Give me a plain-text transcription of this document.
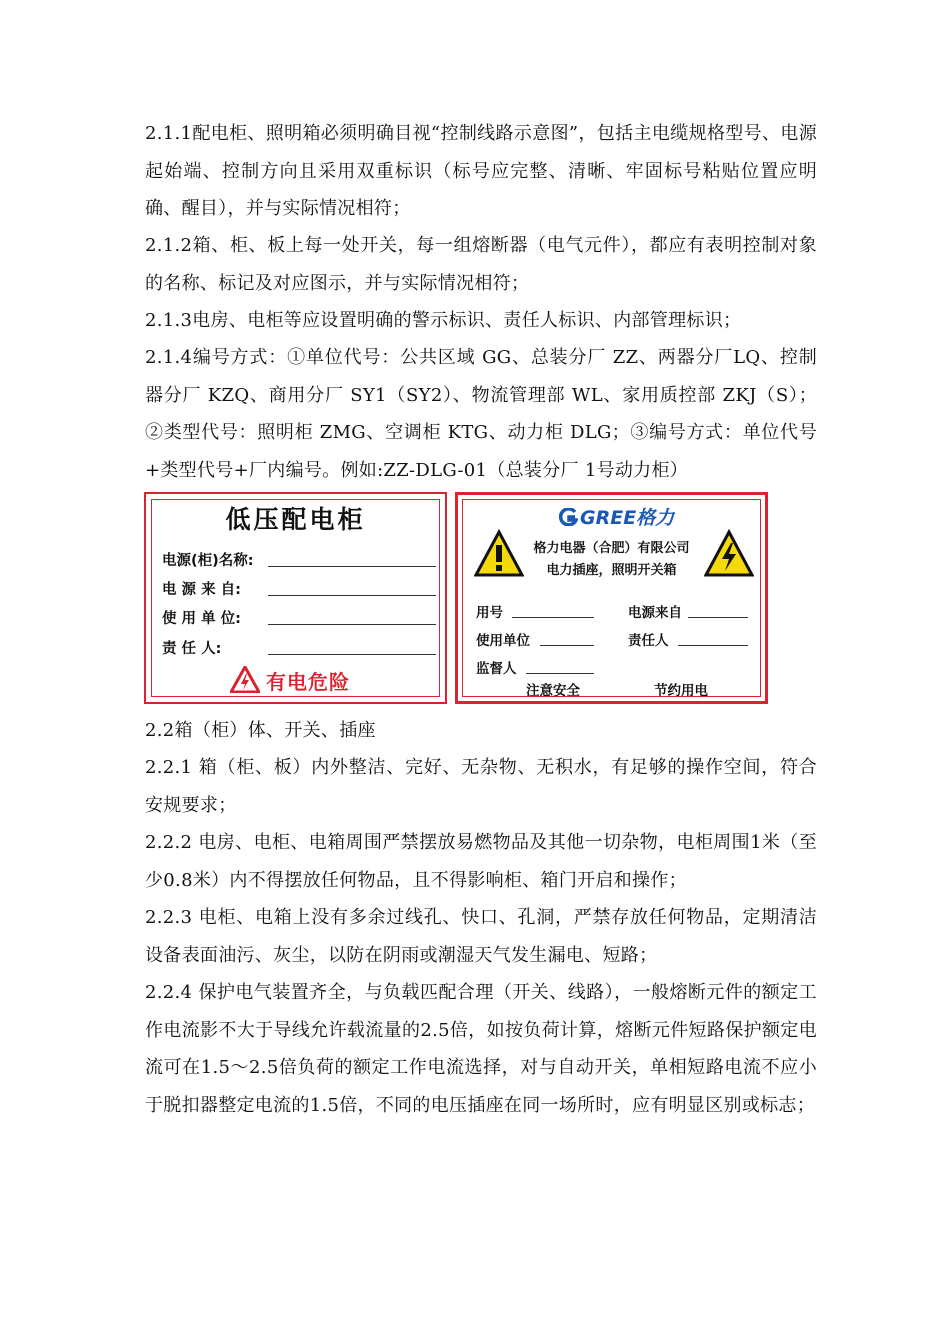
2.1.1配电柜、照明箱必须明确目视“控制线路示意图”，包括主电缆规格型号、电源起始端、控制方向且采用双重标识（标号应完整、清晰、牢固标号粘贴位置应明确、醒目），并与实际情况相符；

2.1.2箱、柜、板上每一处开关，每一组熔断器（电气元件），都应有表明控制对象的名称、标记及对应图示，并与实际情况相符；

2.1.3电房、电柜等应设置明确的警示标识、责任人标识、内部管理标识；

2.1.4编号方式：①单位代号：公共区域 GG、总装分厂 ZZ、两器分厂LQ、控制器分厂 KZQ、商用分厂 SY1（SY2）、物流管理部 WL、家用质控部 ZKJ（S）；②类型代号：照明柜 ZMG、空调柜 KTG、动力柜 DLG；③编号方式：单位代号+类型代号+厂内编号。例如:ZZ-DLG-01（总装分厂 1号动力柜）

低压配电柜
电源(柜)名称:
电 源 来 自:
使 用 单 位:
责 任 人:
有电危险
GREE格力
格力电器（合肥）有限公司
电力插座，照明开关箱
用号	电源来自
使用单位	责任人
监督人
注意安全	节约用电

2.2箱（柜）体、开关、插座

2.2.1 箱（柜、板）内外整洁、完好、无杂物、无积水，有足够的操作空间，符合安规要求；

2.2.2 电房、电柜、电箱周围严禁摆放易燃物品及其他一切杂物，电柜周围1米（至少0.8米）内不得摆放任何物品，且不得影响柜、箱门开启和操作；

2.2.3 电柜、电箱上没有多余过线孔、快口、孔洞，严禁存放任何物品，定期清洁设备表面油污、灰尘，以防在阴雨或潮湿天气发生漏电、短路；

2.2.4 保护电气装置齐全，与负载匹配合理（开关、线路），一般熔断元件的额定工作电流影不大于导线允许载流量的2.5倍，如按负荷计算，熔断元件短路保护额定电流可在1.5～2.5倍负荷的额定工作电流选择，对与自动开关，单相短路电流不应小于脱扣器整定电流的1.5倍，不同的电压插座在同一场所时，应有明显区别或标志；
